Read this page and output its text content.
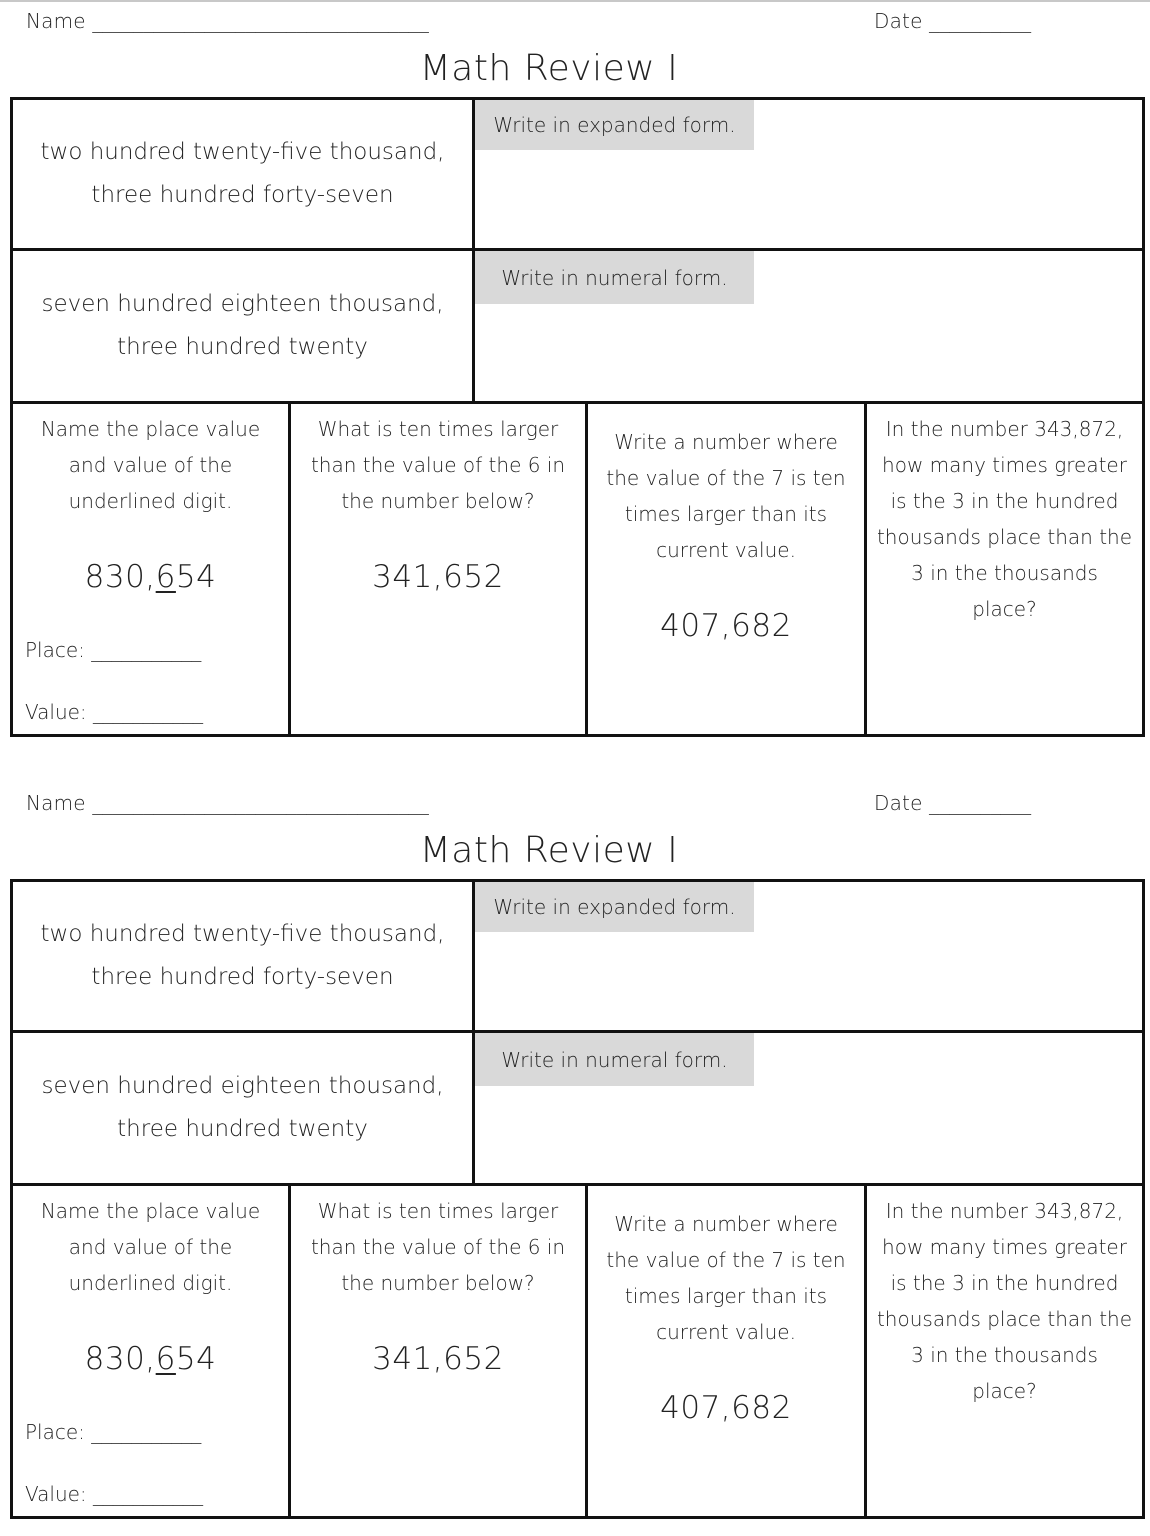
Name _________________________________	Date __________
Math Review I
two hundred twenty-five thousand,
three hundred forty-seven
Write in expanded form.
seven hundred eighteen thousand,
three hundred twenty
Write in numeral form.
Name the place value
and value of the
underlined digit.
830,654
Place: ___________
Value: ___________
What is ten times larger
than the value of the 6 in
the number below?
341,652
Write a number where
the value of the 7 is ten
times larger than its
current value.
407,682
In the number 343,872,
how many times greater
is the 3 in the hundred
thousands place than the
3 in the thousands
place?
Name _________________________________	Date __________
Math Review I
two hundred twenty-five thousand,
three hundred forty-seven
Write in expanded form.
seven hundred eighteen thousand,
three hundred twenty
Write in numeral form.
Name the place value
and value of the
underlined digit.
830,654
Place: ___________
Value: ___________
What is ten times larger
than the value of the 6 in
the number below?
341,652
Write a number where
the value of the 7 is ten
times larger than its
current value.
407,682
In the number 343,872,
how many times greater
is the 3 in the hundred
thousands place than the
3 in the thousands
place?
